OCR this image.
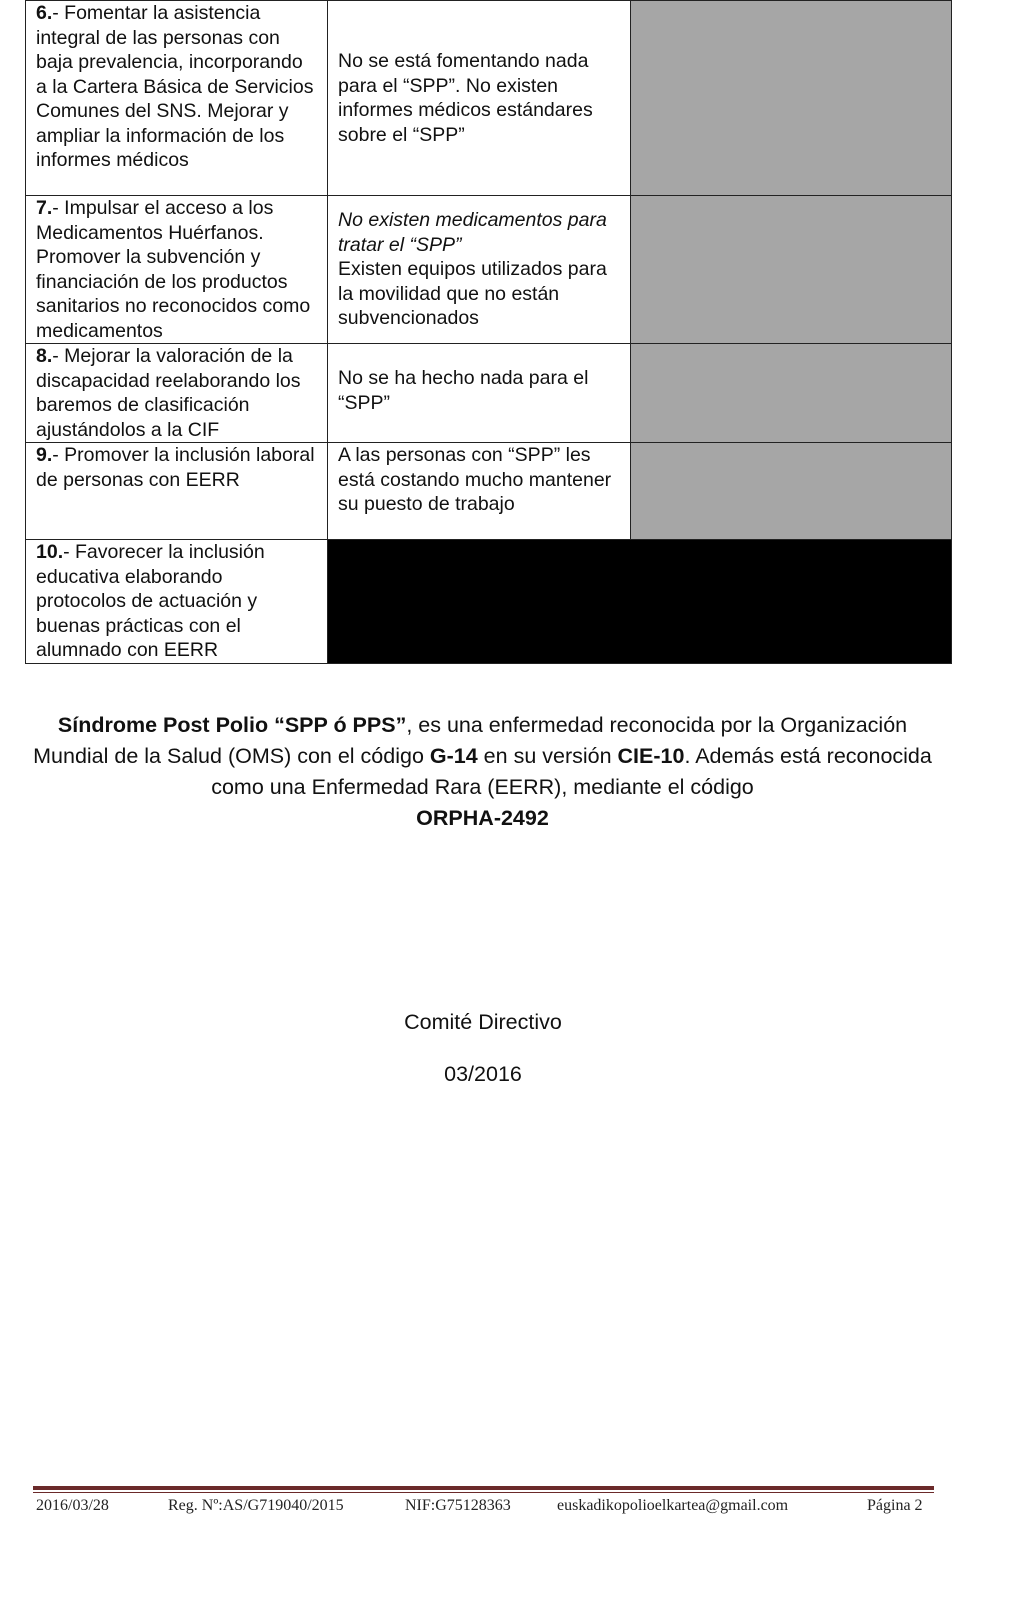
6.- Fomentar la asistencia integral de las personas con baja prevalencia, incorporando a la Cartera Básica de Servicios Comunes del SNS. Mejorar y ampliar la información de los informes médicos	No se está fomentando nada para el “SPP”. No existen informes médicos estándares sobre el “SPP”	

7.- Impulsar el acceso a los Medicamentos Huérfanos. Promover la subvención y financiación de los productos sanitarios no reconocidos como medicamentos	No existen medicamentos para tratar el “SPP”
Existen equipos utilizados para la movilidad que no están subvencionados	

8.- Mejorar la valoración de la discapacidad reelaborando los baremos de clasificación ajustándolos a la CIF	No se ha hecho nada para el “SPP”	

9.- Promover la inclusión laboral de personas con EERR	A las personas con “SPP” les está costando mucho mantener su puesto de trabajo	

10.- Favorecer la inclusión educativa elaborando protocolos de actuación y buenas prácticas con el alumnado con EERR		
Síndrome Post Polio “SPP ó PPS”, es una enfermedad reconocida por la Organización Mundial de la Salud (OMS) con el código G-14 en su versión CIE-10. Además está reconocida como una Enfermedad Rara (EERR), mediante el código
ORPHA-2492
Comité Directivo
03/2016
2016/03/28	Reg. Nº:AS/G719040/2015	NIF:G75128363	euskadikopolioelkartea@gmail.com	Página 2
